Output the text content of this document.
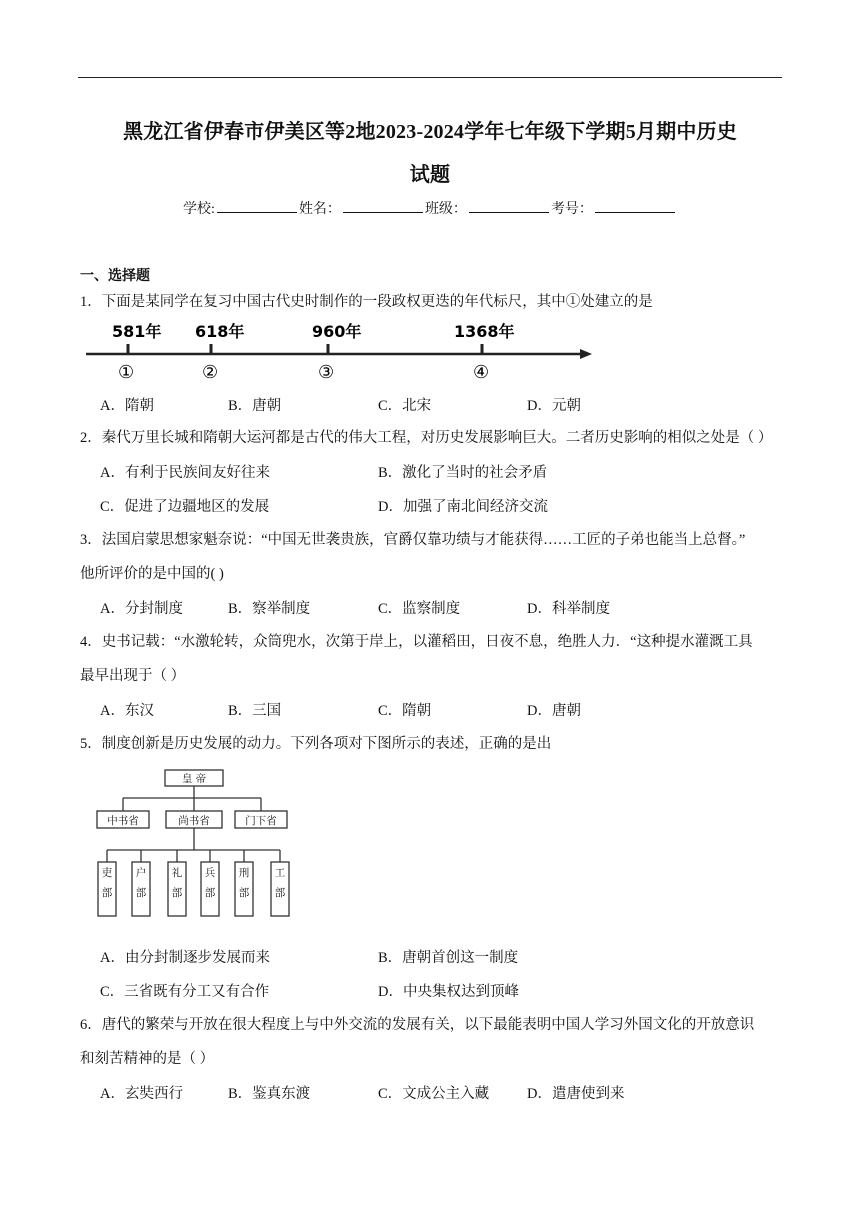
黑龙江省伊春市伊美区等2地2023-2024学年七年级下学期5月期中历史
试题
学校:	姓名：	班级：	考号：
一、选择题
1．下面是某同学在复习中国古代史时制作的一段政权更迭的年代标尺，其中①处建立的是
581年
①
618年
②
960年
③
1368年
④
A．隋朝	B．唐朝	C．北宋	D．元朝
2．秦代万里长城和隋朝大运河都是古代的伟大工程，对历史发展影响巨大。二者历史影响的相似之处是（ ）
A．有利于民族间友好往来	B．激化了当时的社会矛盾
C．促进了边疆地区的发展	D．加强了南北间经济交流
3．法国启蒙思想家魁奈说：“中国无世袭贵族，官爵仅靠功绩与才能获得……工匠的子弟也能当上总督。”
他所评价的是中国的( )
A．分封制度	B．察举制度	C．监察制度	D．科举制度
4．史书记载：“水激轮转，众筒兜水，次第于岸上，以灌稻田，日夜不息，绝胜人力．“这种提水灌溉工具
最早出现于（ ）
A．东汉	B．三国	C．隋朝	D．唐朝
5．制度创新是历史发展的动力。下列各项对下图所示的表述，正确的是出
皇 帝
中书省	尚书省	门下省
吏
部
户
部
礼
部
兵
部
刑
部
工
部
A．由分封制逐步发展而来	B．唐朝首创这一制度
C．三省既有分工又有合作	D．中央集权达到顶峰
6．唐代的繁荣与开放在很大程度上与中外交流的发展有关，以下最能表明中国人学习外国文化的开放意识
和刻苦精神的是（ ）
A．玄奘西行	B．鉴真东渡	C．文成公主入藏	D．遣唐使到来
